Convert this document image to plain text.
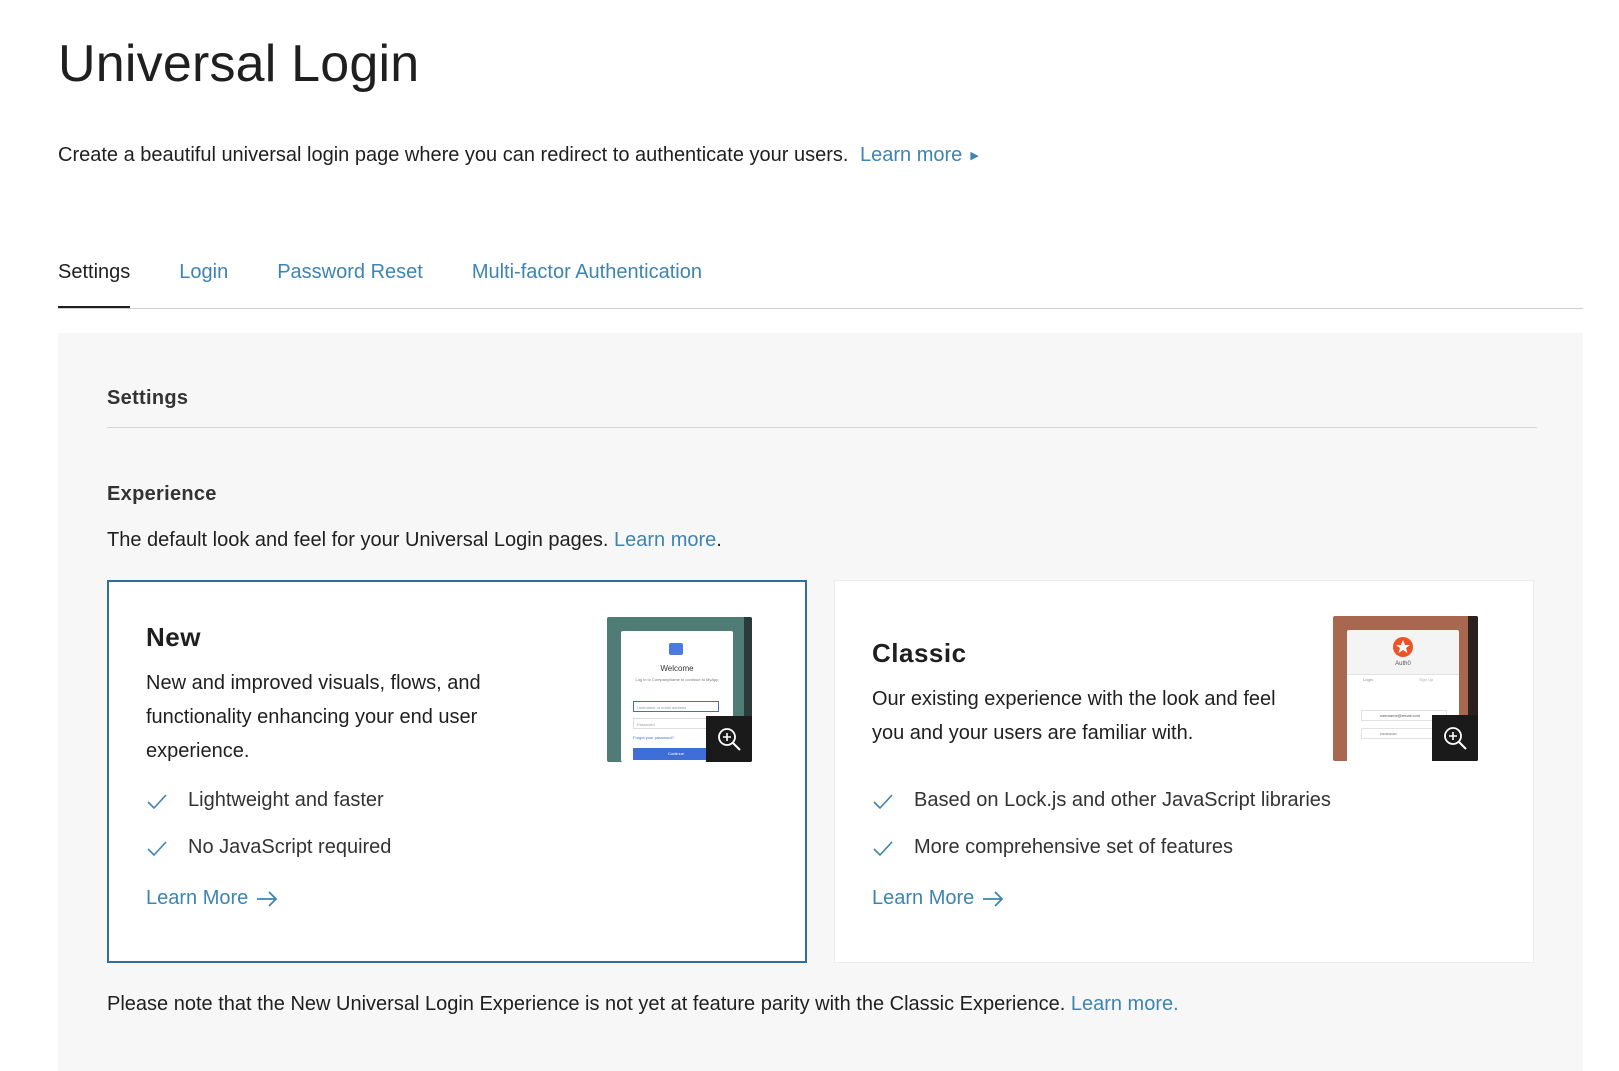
Universal Login
Create a beautiful universal login page where you can redirect to authenticate your users. Learn more ▶
Settings Login Password Reset Multi-factor Authentication
Settings
Experience
The default look and feel for your Universal Login pages. Learn more.
New
New and improved visuals, flows, and functionality enhancing your end user experience.
Lightweight and faster
No JavaScript required
Learn More
Welcome
Log in to CompanyName to continue to MyApp
Username or email address
Password
Forgot your password?
Continue
Classic
Our existing experience with the look and feel you and your users are familiar with.
Based on Lock.js and other JavaScript libraries
More comprehensive set of features
Learn More
Auth0
Login	Sign Up
username@email.com
••••••••••••
Please note that the New Universal Login Experience is not yet at feature parity with the Classic Experience. Learn more.
